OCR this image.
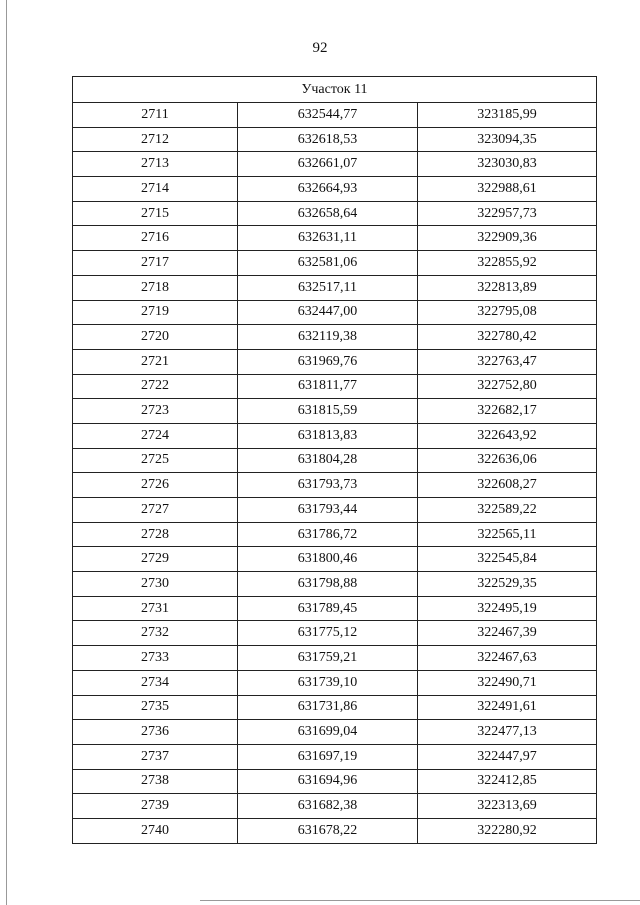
92
Участок 11		
2711	632544,77	323185,99
2712	632618,53	323094,35
2713	632661,07	323030,83
2714	632664,93	322988,61
2715	632658,64	322957,73
2716	632631,11	322909,36
2717	632581,06	322855,92
2718	632517,11	322813,89
2719	632447,00	322795,08
2720	632119,38	322780,42
2721	631969,76	322763,47
2722	631811,77	322752,80
2723	631815,59	322682,17
2724	631813,83	322643,92
2725	631804,28	322636,06
2726	631793,73	322608,27
2727	631793,44	322589,22
2728	631786,72	322565,11
2729	631800,46	322545,84
2730	631798,88	322529,35
2731	631789,45	322495,19
2732	631775,12	322467,39
2733	631759,21	322467,63
2734	631739,10	322490,71
2735	631731,86	322491,61
2736	631699,04	322477,13
2737	631697,19	322447,97
2738	631694,96	322412,85
2739	631682,38	322313,69
2740	631678,22	322280,92
